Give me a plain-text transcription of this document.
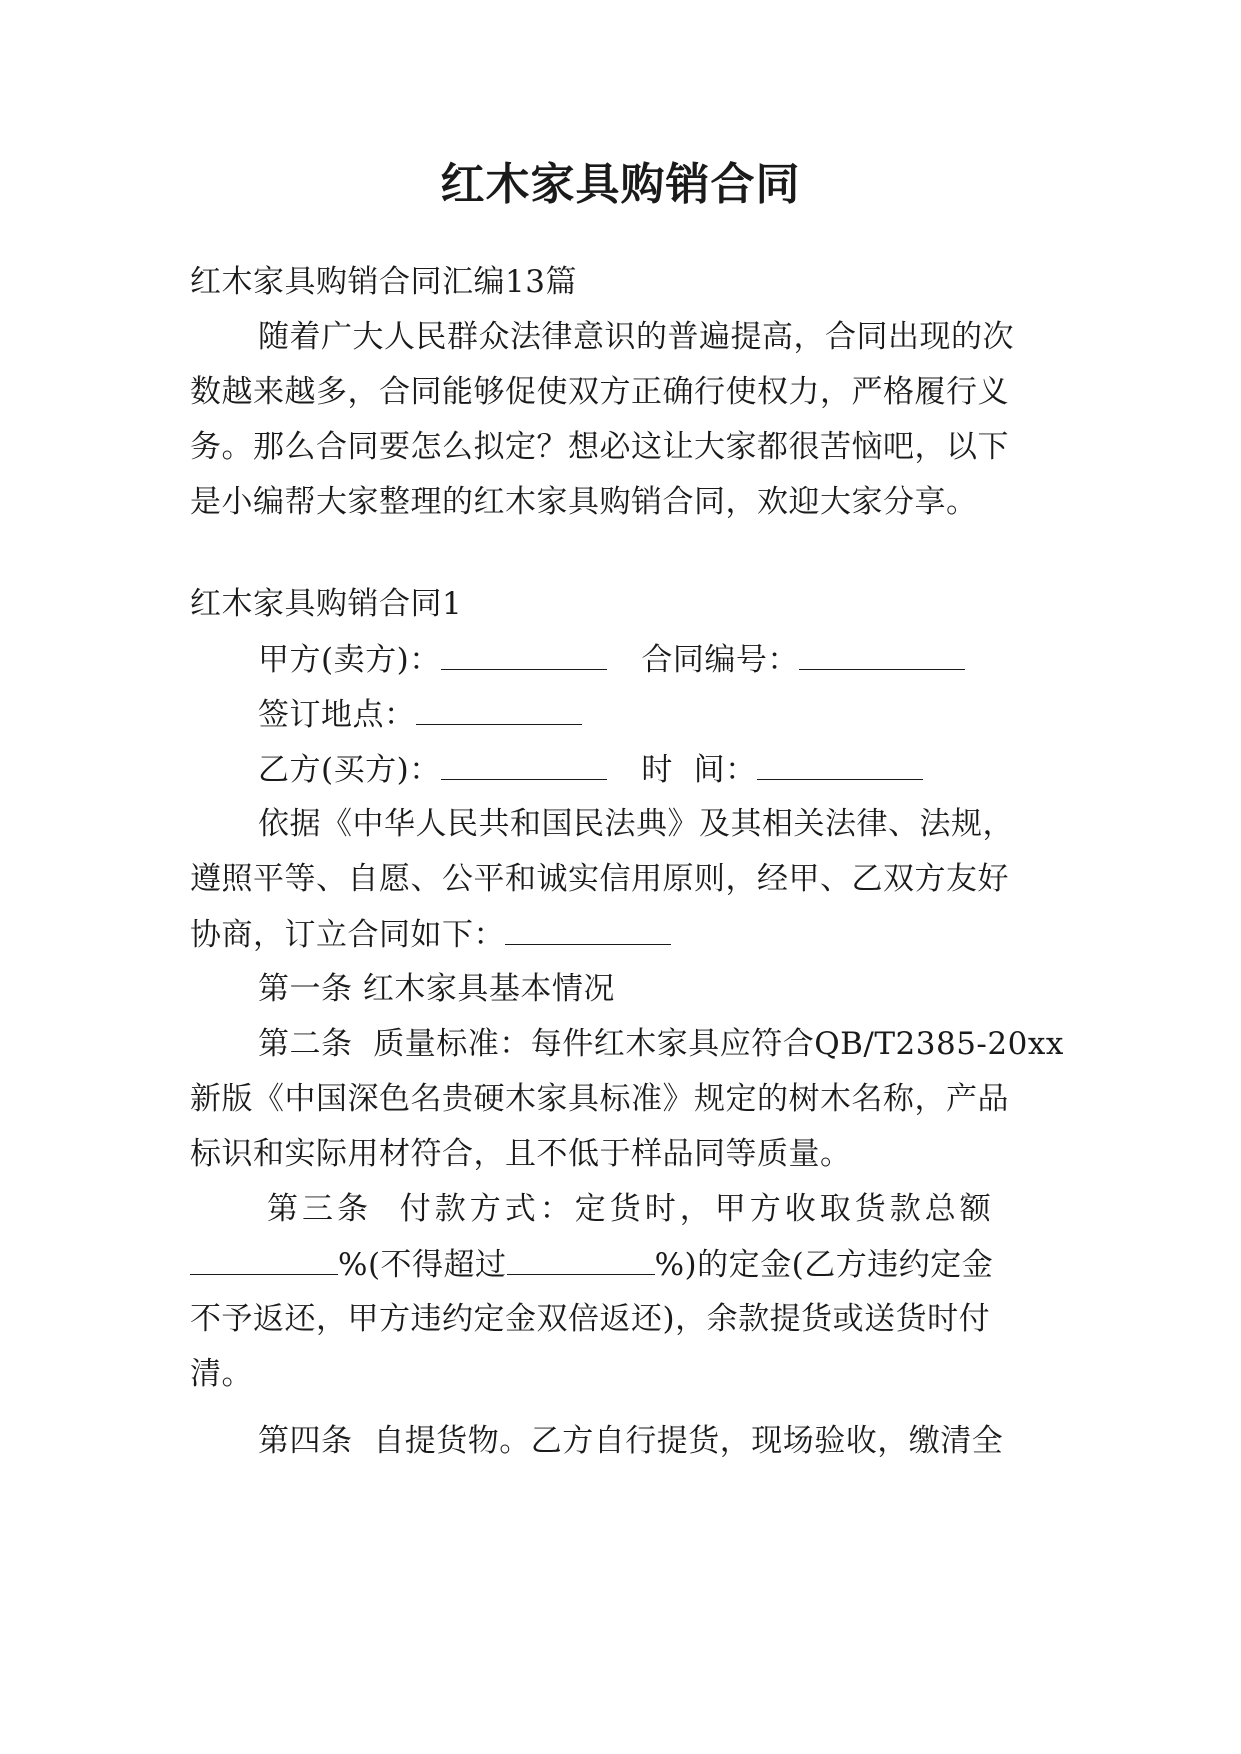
红木家具购销合同
红木家具购销合同汇编13篇
随着广大人民群众法律意识的普遍提高，合同出现的次
数越来越多，合同能够促使双方正确行使权力，严格履行义
务。那么合同要怎么拟定？想必这让大家都很苦恼吧，以下
是小编帮大家整理的红木家具购销合同，欢迎大家分享。
红木家具购销合同1
甲方(卖方)：	合同编号：
签订地点：
乙方(买方)：	时  间：
依据《中华人民共和国民法典》及其相关法律、法规，
遵照平等、自愿、公平和诚实信用原则，经甲、乙双方友好
协商，订立合同如下：
第一条 红木家具基本情况
第二条  质量标准：每件红木家具应符合QB/T2385-20xx
新版《中国深色名贵硬木家具标准》规定的树木名称，产品
标识和实际用材符合，且不低于样品同等质量。
第三条  付款方式：定货时，甲方收取货款总额
%(不得超过	%)的定金(乙方违约定金
不予返还，甲方违约定金双倍返还)，余款提货或送货时付
清。
第四条  自提货物。乙方自行提货，现场验收，缴清全
